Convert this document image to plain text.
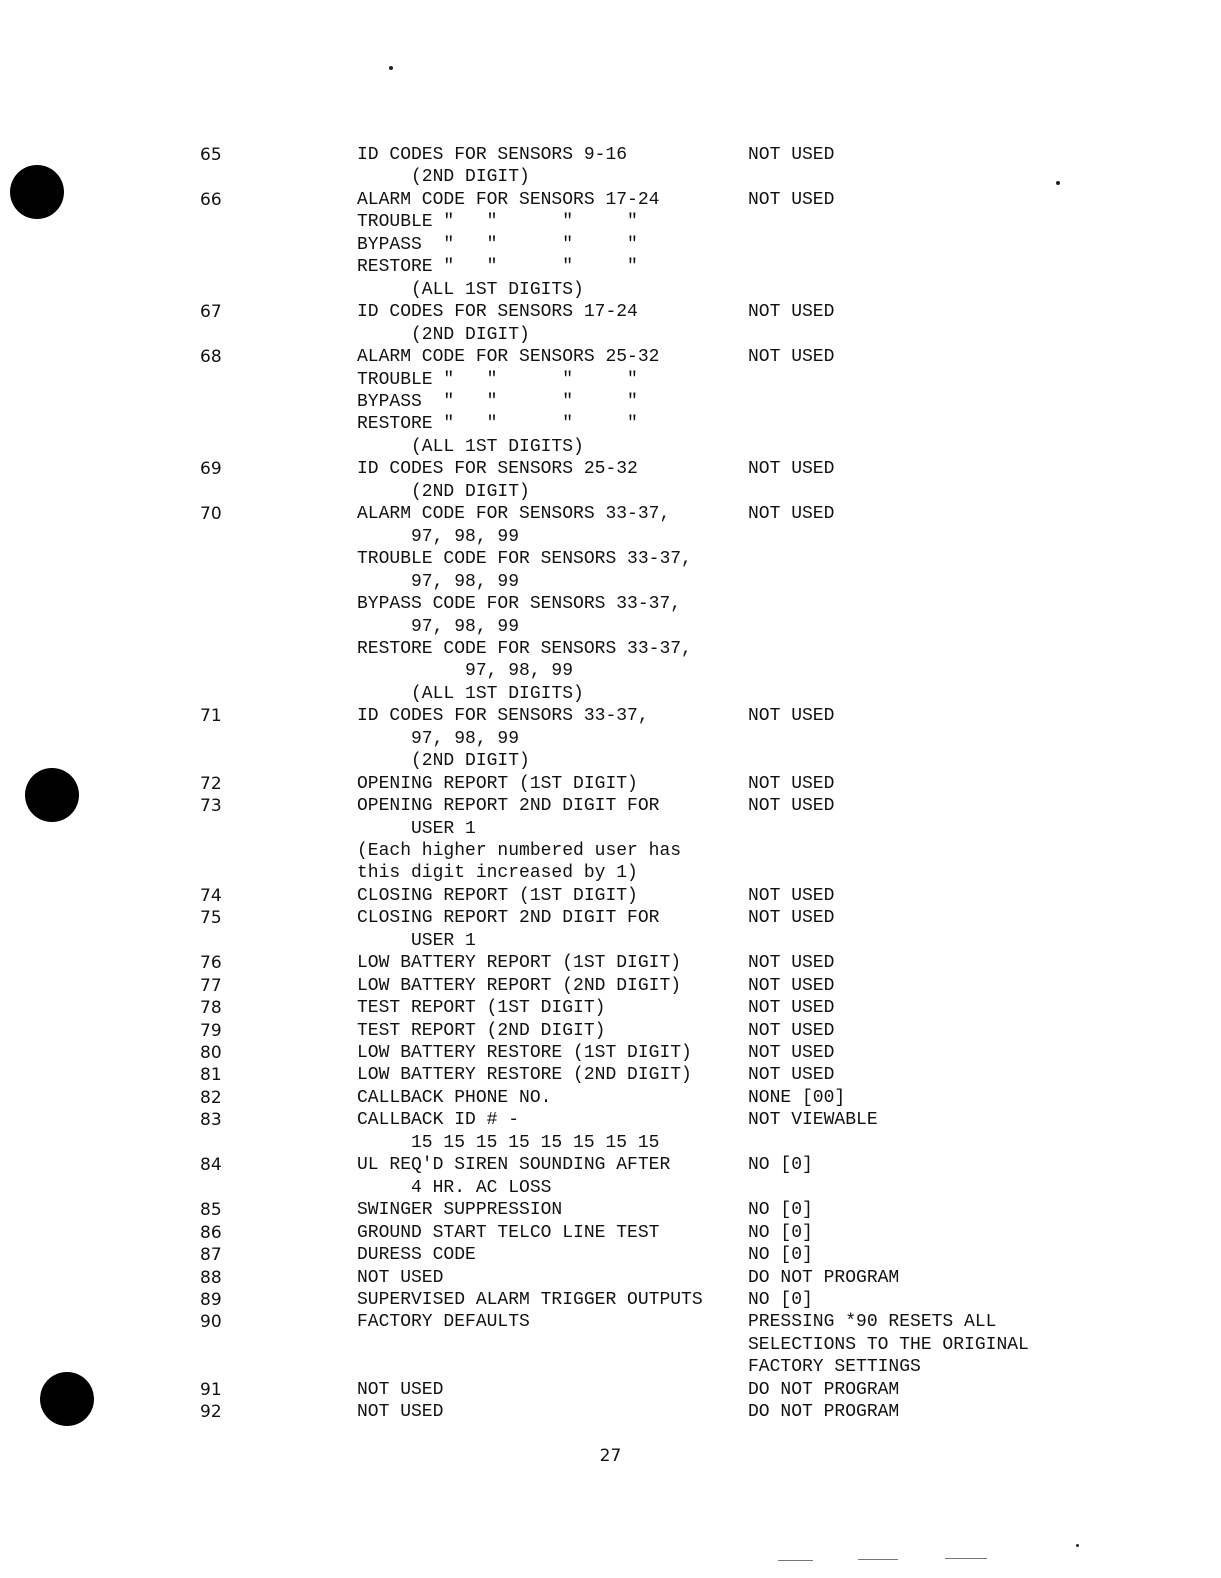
65	ID CODES FOR SENSORS 9-16	NOT USED
(2ND DIGIT)
66	ALARM CODE FOR SENSORS 17-24	NOT USED
TROUBLE "   "      "     "
BYPASS  "   "      "     "
RESTORE "   "      "     "
(ALL 1ST DIGITS)
67	ID CODES FOR SENSORS 17-24	NOT USED
(2ND DIGIT)
68	ALARM CODE FOR SENSORS 25-32	NOT USED
TROUBLE "   "      "     "
BYPASS  "   "      "     "
RESTORE "   "      "     "
(ALL 1ST DIGITS)
69	ID CODES FOR SENSORS 25-32	NOT USED
(2ND DIGIT)
70	ALARM CODE FOR SENSORS 33-37,	NOT USED
97, 98, 99
TROUBLE CODE FOR SENSORS 33-37,
97, 98, 99
BYPASS CODE FOR SENSORS 33-37,
97, 98, 99
RESTORE CODE FOR SENSORS 33-37,
97, 98, 99
(ALL 1ST DIGITS)
71	ID CODES FOR SENSORS 33-37,	NOT USED
97, 98, 99
(2ND DIGIT)
72	OPENING REPORT (1ST DIGIT)	NOT USED
73	OPENING REPORT 2ND DIGIT FOR	NOT USED
USER 1
(Each higher numbered user has
this digit increased by 1)
74	CLOSING REPORT (1ST DIGIT)	NOT USED
75	CLOSING REPORT 2ND DIGIT FOR	NOT USED
USER 1
76	LOW BATTERY REPORT (1ST DIGIT)	NOT USED
77	LOW BATTERY REPORT (2ND DIGIT)	NOT USED
78	TEST REPORT (1ST DIGIT)	NOT USED
79	TEST REPORT (2ND DIGIT)	NOT USED
80	LOW BATTERY RESTORE (1ST DIGIT)	NOT USED
81	LOW BATTERY RESTORE (2ND DIGIT)	NOT USED
82	CALLBACK PHONE NO.	NONE [00]
83	CALLBACK ID # -	NOT VIEWABLE
15 15 15 15 15 15 15 15
84	UL REQ'D SIREN SOUNDING AFTER	NO [0]
4 HR. AC LOSS
85	SWINGER SUPPRESSION	NO [0]
86	GROUND START TELCO LINE TEST	NO [0]
87	DURESS CODE	NO [0]
88	NOT USED	DO NOT PROGRAM
89	SUPERVISED ALARM TRIGGER OUTPUTS	NO [0]
90	FACTORY DEFAULTS	PRESSING *90 RESETS ALL
SELECTIONS TO THE ORIGINAL
FACTORY SETTINGS
91	NOT USED	DO NOT PROGRAM
92	NOT USED	DO NOT PROGRAM
27
